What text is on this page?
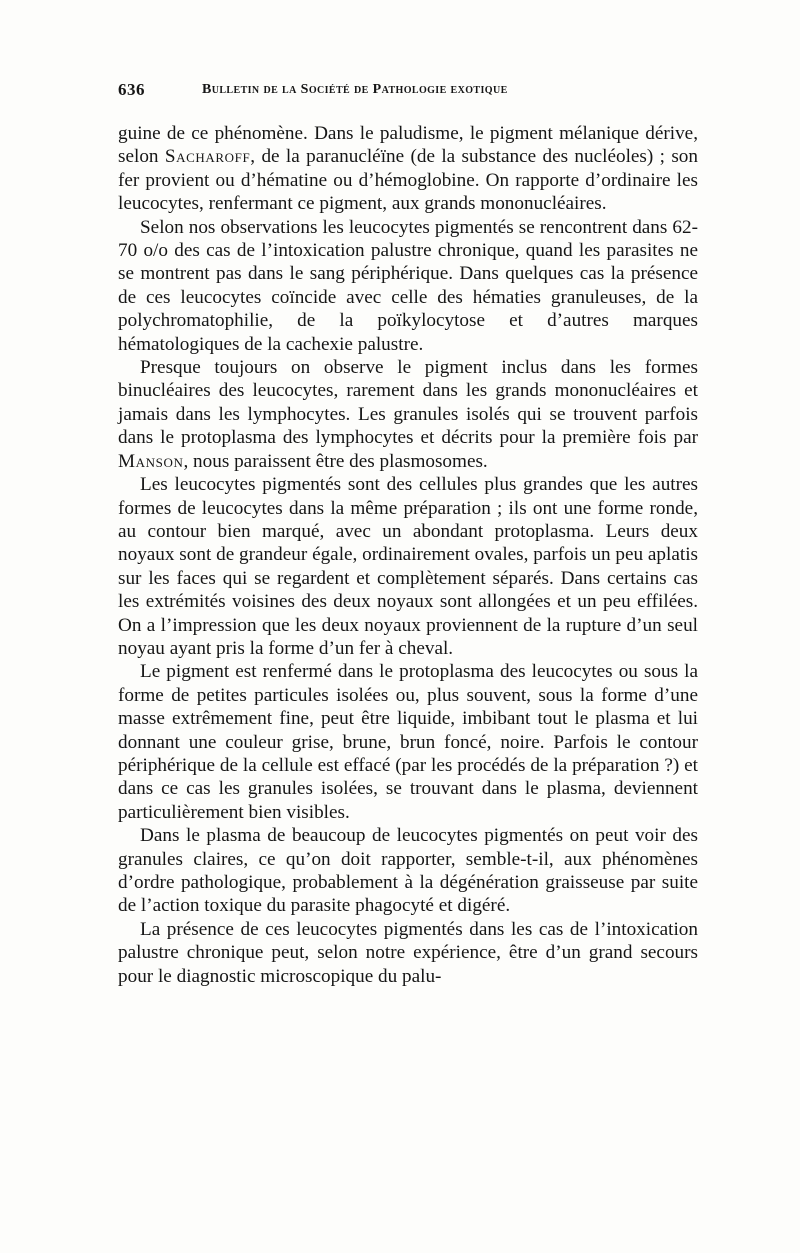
636	Bulletin de la Société de Pathologie exotique

guine de ce phénomène. Dans le paludisme, le pigment mélanique dérive, selon Sacharoff, de la paranucléïne (de la substance des nucléoles) ; son fer provient ou d’hématine ou d’hémoglobine. On rapporte d’ordinaire les leucocytes, renfermant ce pigment, aux grands mononucléaires.

Selon nos observations les leucocytes pigmentés se rencontrent dans 62-70 o/o des cas de l’intoxication palustre chronique, quand les parasites ne se montrent pas dans le sang périphérique. Dans quelques cas la présence de ces leucocytes coïncide avec celle des hématies granuleuses, de la polychromatophilie, de la poïkylocytose et d’autres marques hématologiques de la cachexie palustre.

Presque toujours on observe le pigment inclus dans les formes binucléaires des leucocytes, rarement dans les grands mononucléaires et jamais dans les lymphocytes. Les granules isolés qui se trouvent parfois dans le protoplasma des lymphocytes et décrits pour la première fois par Manson, nous paraissent être des plasmosomes.

Les leucocytes pigmentés sont des cellules plus grandes que les autres formes de leucocytes dans la même préparation ; ils ont une forme ronde, au contour bien marqué, avec un abondant protoplasma. Leurs deux noyaux sont de grandeur égale, ordinairement ovales, parfois un peu aplatis sur les faces qui se regardent et complètement séparés. Dans certains cas les extrémités voisines des deux noyaux sont allongées et un peu effilées. On a l’impression que les deux noyaux proviennent de la rupture d’un seul noyau ayant pris la forme d’un fer à cheval.

Le pigment est renfermé dans le protoplasma des leucocytes ou sous la forme de petites particules isolées ou, plus souvent, sous la forme d’une masse extrêmement fine, peut être liquide, imbibant tout le plasma et lui donnant une couleur grise, brune, brun foncé, noire. Parfois le contour périphérique de la cellule est effacé (par les procédés de la préparation ?) et dans ce cas les granules isolées, se trouvant dans le plasma, deviennent particulièrement bien visibles.

Dans le plasma de beaucoup de leucocytes pigmentés on peut voir des granules claires, ce qu’on doit rapporter, semble-t-il, aux phénomènes d’ordre pathologique, probablement à la dégénération graisseuse par suite de l’action toxique du parasite phagocyté et digéré.

La présence de ces leucocytes pigmentés dans les cas de l’intoxication palustre chronique peut, selon notre expérience, être d’un grand secours pour le diagnostic microscopique du palu-
